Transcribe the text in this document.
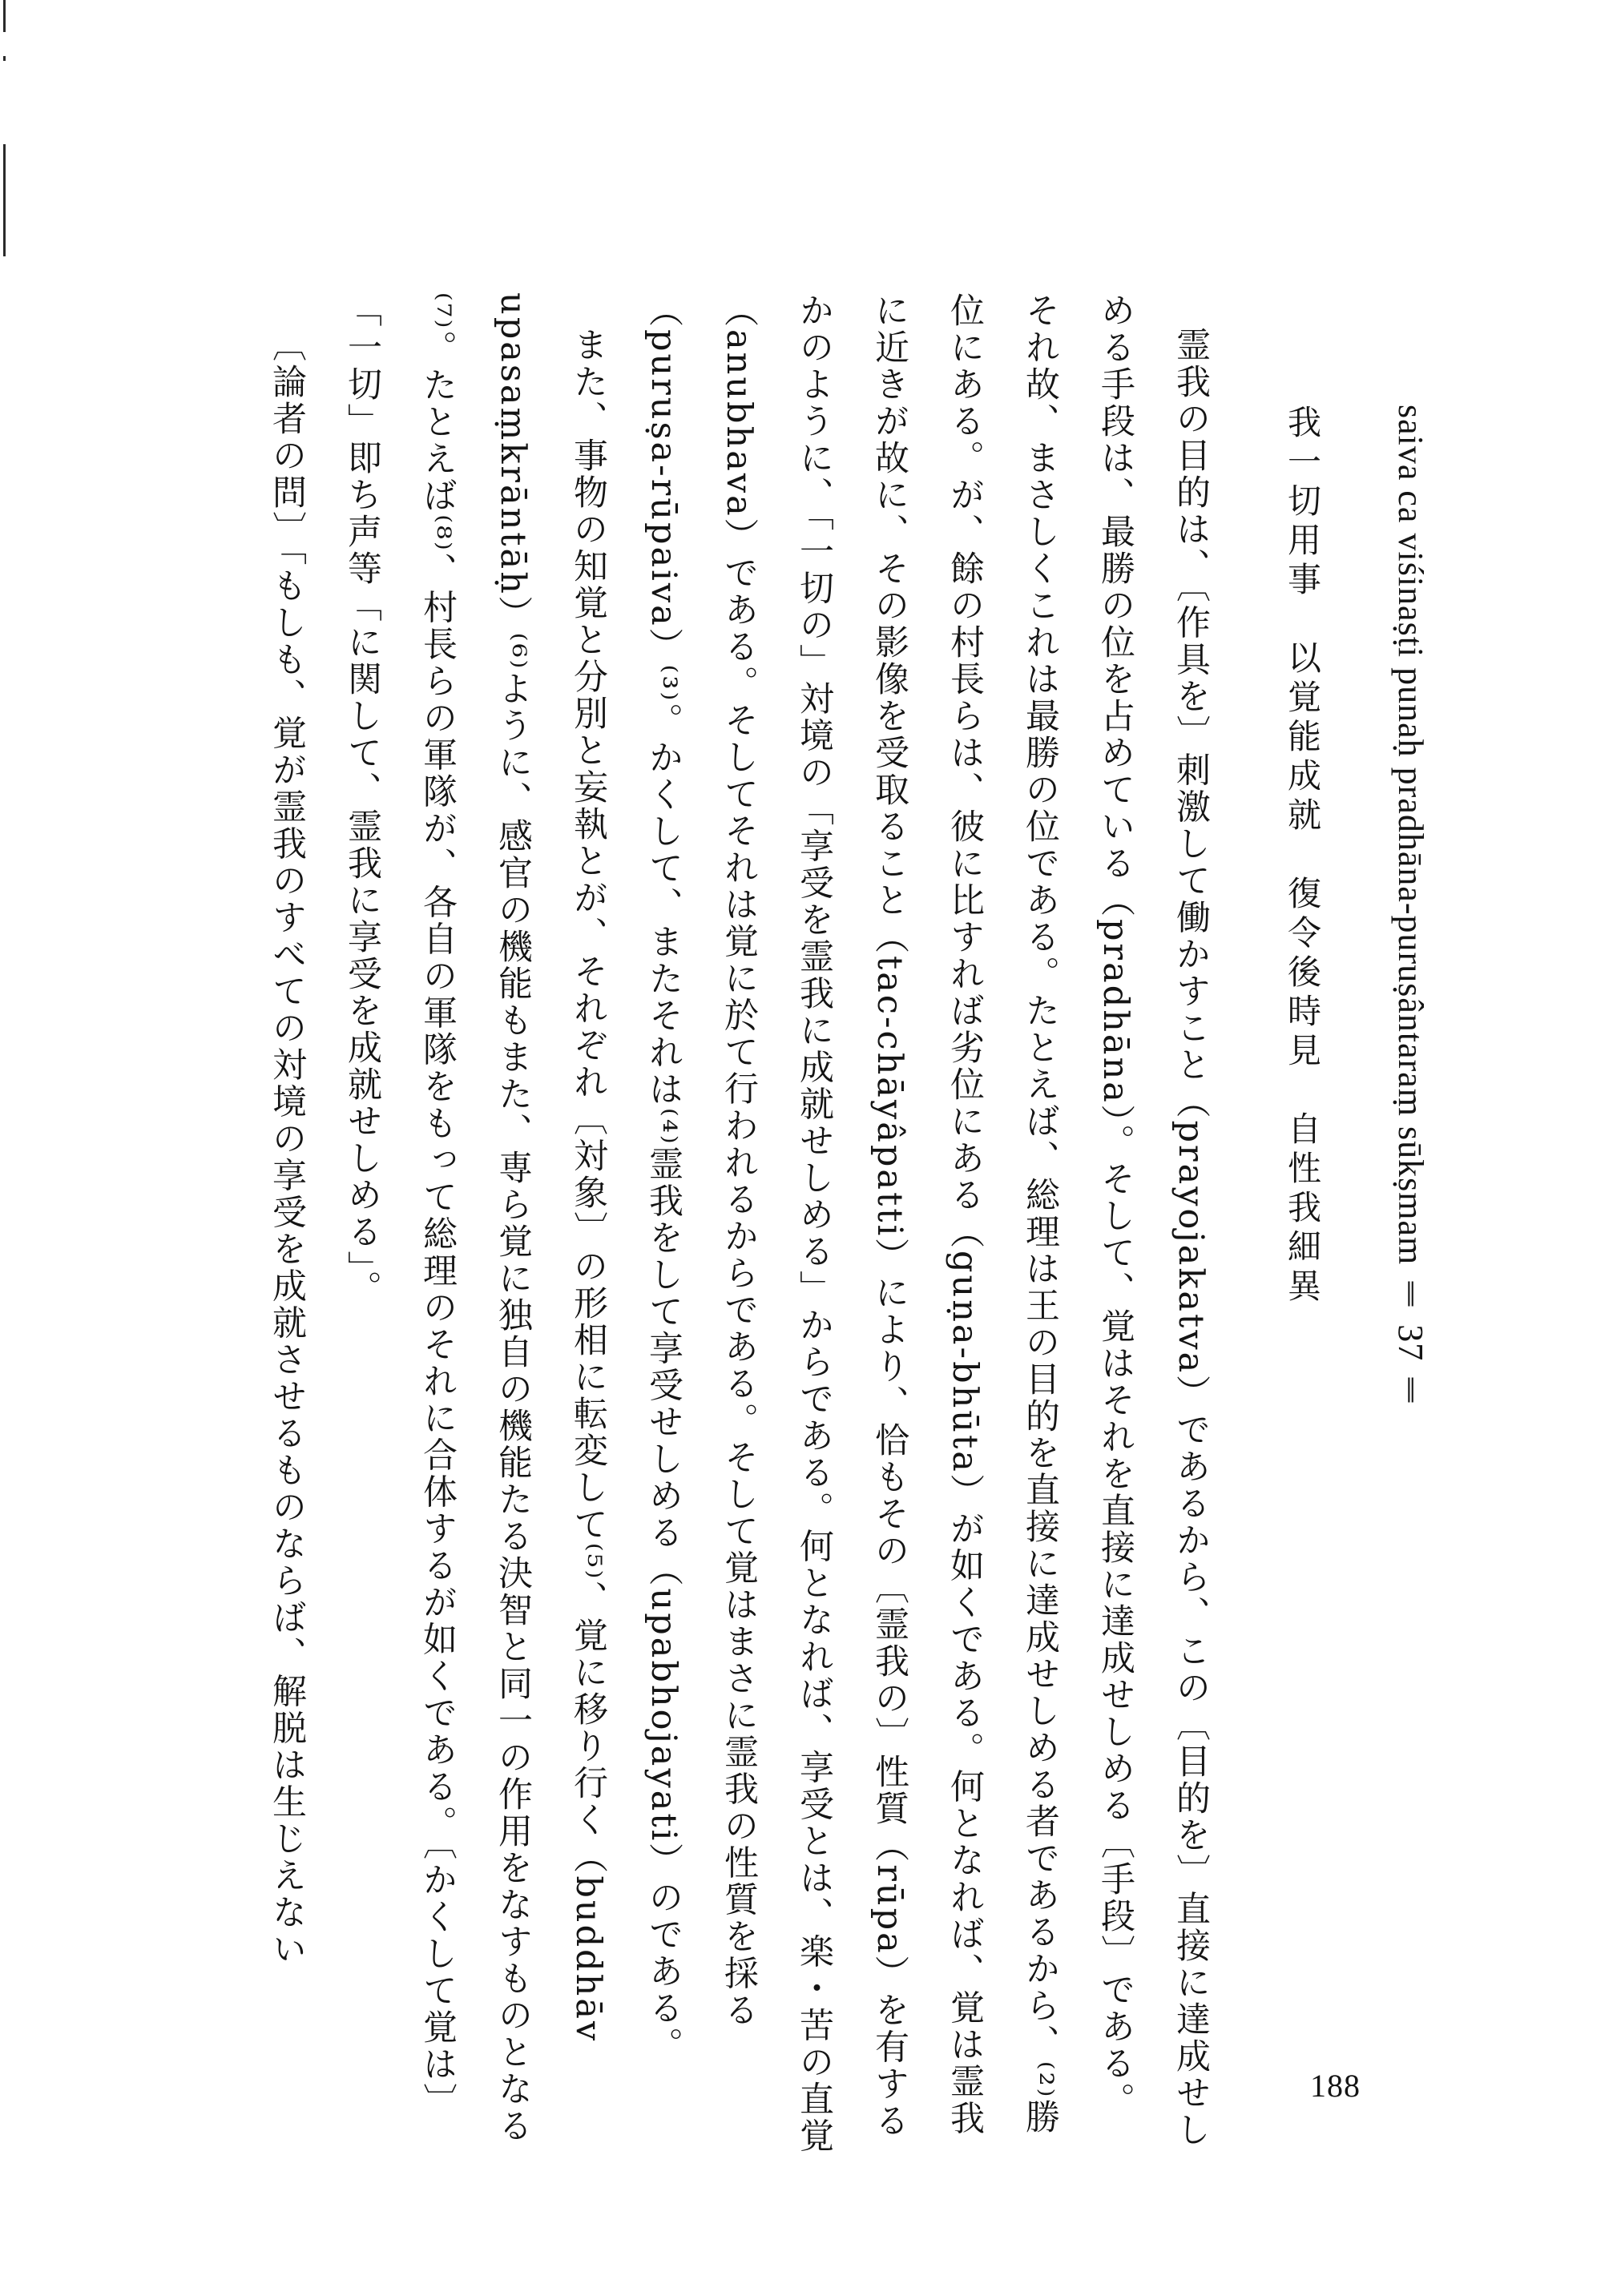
saiva ca viśinaṣṭi punaḥ pradhāna-puruṣântaraṃ sūkṣmam ‖ 37 ‖
我一切用事　以覚能成就　復令後時見　自性我細異

霊我の目的は、〔作具を〕刺激して働かすこと（prayojakatva）であるから、この〔目的を〕直接に達成せしめる手段は、最勝の位を占めている（pradhāna）。そして、覚はそれを直接に達成せしめる〔手段〕である。それ故、まさしくこれは最勝の位である。たとえば、総理は王の目的を直接に達成せしめる者であるから、⁽²⁾勝位にある。が、餘の村長らは、彼に比すれば劣位にある（guṇa-bhūta）が如くである。何となれば、覚は霊我に近きが故に、その影像を受取ること（tac-chāyâpatti）により、恰もその〔霊我の〕性質（rūpa）を有するかのように、「一切の」対境の「享受を霊我に成就せしめる」からである。何となれば、享受とは、楽・苦の直覚（anubhava）である。そしてそれは覚に於て行われるからである。そして覚はまさに霊我の性質を採る（puruṣa-rūpaiva）⁽³⁾。かくして、またそれは⁽⁴⁾霊我をして享受せしめる（upabhojayati）のである。

また、事物の知覚と分別と妄執とが、それぞれ〔対象〕の形相に転変して⁽⁵⁾、覚に移り行く（buddhāv upasaṃkrāntāḥ）⁽⁶⁾ように、感官の機能もまた、専ら覚に独自の機能たる決智と同一の作用をなすものとなる⁽⁷⁾。たとえば⁽⁸⁾、村長らの軍隊が、各自の軍隊をもって総理のそれに合体するが如くである。〔かくして覚は〕「一切」即ち声等「に関して、霊我に享受を成就せしめる」。

〔論者の問〕「もしも、覚が霊我のすべての対境の享受を成就させるものならば、解脱は生じえない

188
